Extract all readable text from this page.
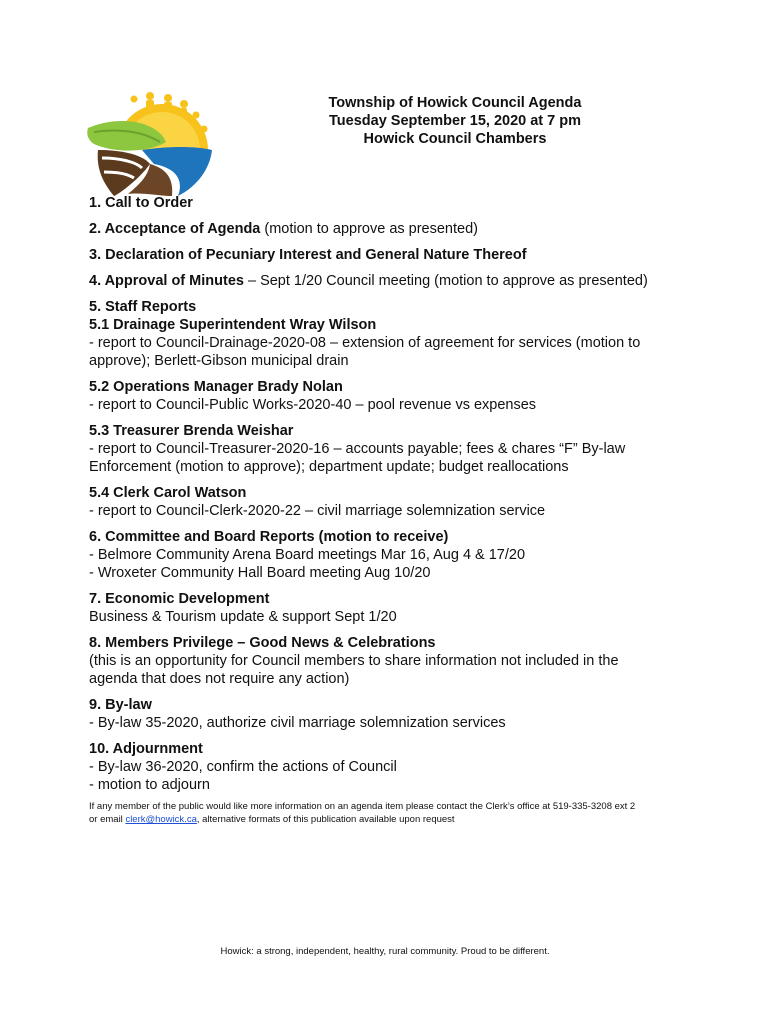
Township of Howick Council Agenda
Tuesday September 15, 2020 at 7 pm
Howick Council Chambers
1. Call to Order
2. Acceptance of Agenda (motion to approve as presented)
3. Declaration of Pecuniary Interest and General Nature Thereof
4. Approval of Minutes – Sept 1/20 Council meeting (motion to approve as presented)
5. Staff Reports
5.1 Drainage Superintendent Wray Wilson
- report to Council-Drainage-2020-08 – extension of agreement for services (motion to
approve); Berlett-Gibson municipal drain
5.2 Operations Manager Brady Nolan
- report to Council-Public Works-2020-40 – pool revenue vs expenses
5.3 Treasurer Brenda Weishar
- report to Council-Treasurer-2020-16 – accounts payable; fees & chares “F” By-law
Enforcement (motion to approve); department update; budget reallocations
5.4 Clerk Carol Watson
- report to Council-Clerk-2020-22 – civil marriage solemnization service
6. Committee and Board Reports (motion to receive)
- Belmore Community Arena Board meetings Mar 16, Aug 4 & 17/20
- Wroxeter Community Hall Board meeting Aug 10/20
7. Economic Development
Business & Tourism update & support Sept 1/20
8. Members Privilege – Good News & Celebrations
(this is an opportunity for Council members to share information not included in the
agenda that does not require any action)
9. By-law
- By-law 35-2020, authorize civil marriage solemnization services
10. Adjournment
- By-law 36-2020, confirm the actions of Council
- motion to adjourn
If any member of the public would like more information on an agenda item please contact the Clerk’s office at 519-335-3208 ext 2
or email clerk@howick.ca, alternative formats of this publication available upon request
Howick: a strong, independent, healthy, rural community. Proud to be different.
